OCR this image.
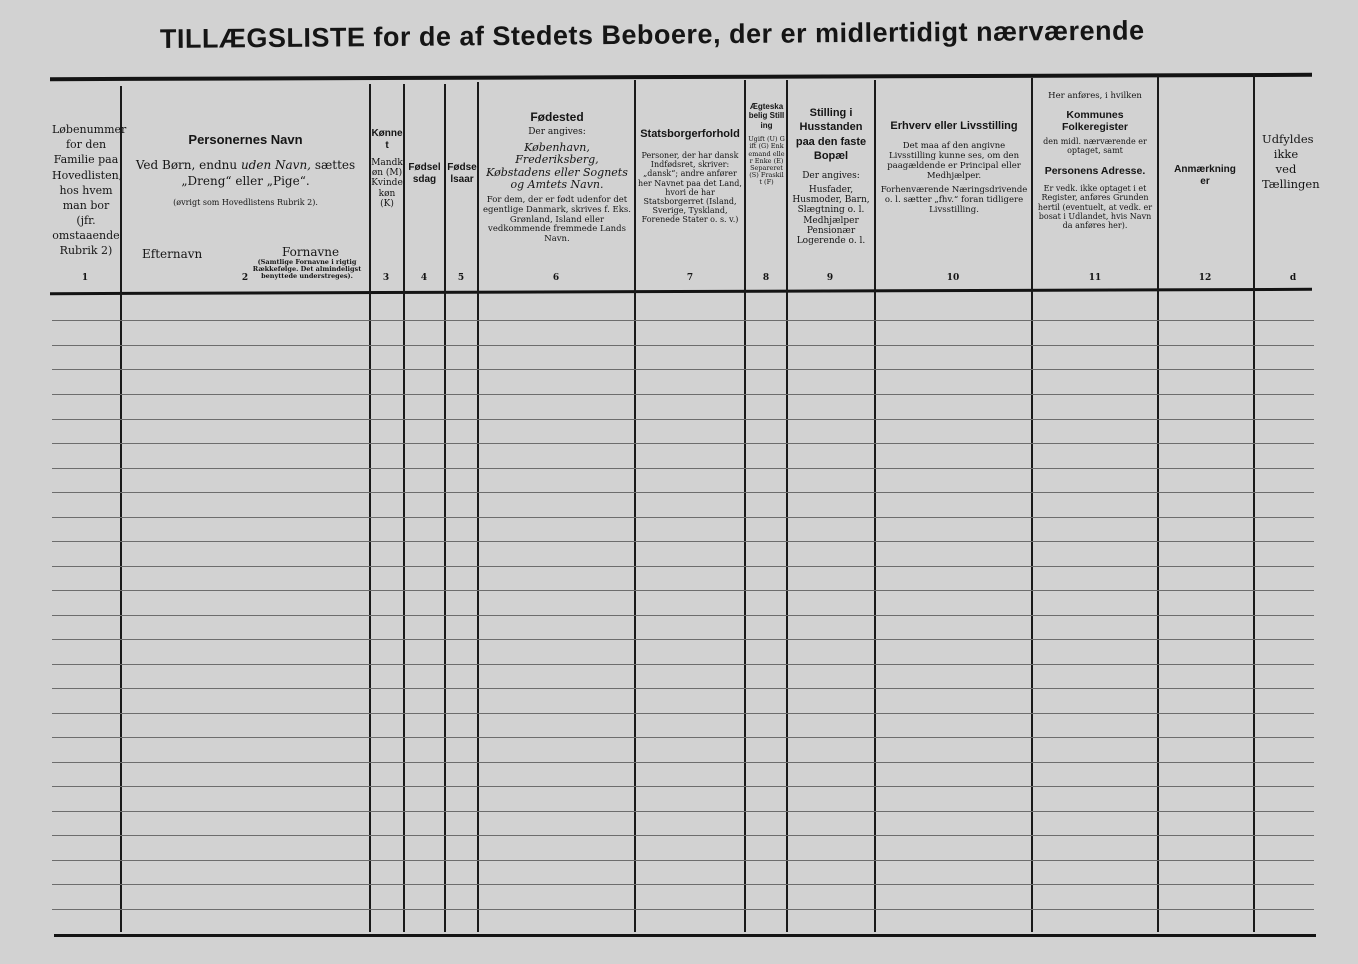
TILLÆGSLISTE for de af Stedets Beboere, der er midlertidigt nærværende
Løbenummer for den Familie paa Hovedlisten, hos hvem man bor (jfr. omstaaende Rubrik 2)
1
Personernes Navn
Ved Børn, endnu uden Navn, sættes „Dreng“ eller „Pige“.
(øvrigt som Hovedlistens Rubrik 2).
Efternavn	Fornavne
(Samtlige Fornavne i rigtig Rækkefølge. Det almindeligst benyttede understreges).
2
Kønnet
Mandkøn (M) Kvindekøn (K)
3
Fødselsdag
4
Fødselsaar
5
Fødested
Der angives:
København, Frederiksberg, Købstadens eller Sognets og Amtets Navn.
For dem, der er født udenfor det egentlige Danmark, skrives f. Eks. Grønland, Island eller vedkommende fremmede Lands Navn.
6
Statsborgerforhold
Personer, der har dansk Indfødsret, skriver: „dansk“; andre anfører her Navnet paa det Land, hvori de har Statsborgerret (Island, Sverige, Tyskland, Forenede Stater o. s. v.)
7
Ægteskabelig Stilling
Ugift (U) Gift (G) Enkemand eller Enke (E) Separeret (S) Fraskilt (F)
8
Stilling i Husstanden paa den faste Bopæl
Der angives:
Husfader, Husmoder, Barn, Slægtning o. l. Medhjælper Pensionær Logerende o. l.
9
Erhverv eller Livsstilling
Det maa af den angivne Livsstilling kunne ses, om den paagældende er Principal eller Medhjælper.
Forhenværende Næringsdrivende o. l. sætter „fhv.“ foran tidligere Livsstilling.
10
Her anføres, i hvilken
Kommunes Folkeregister
den midl. nærværende er optaget, samt
Personens Adresse.
Er vedk. ikke optaget i et Register, anføres Grunden hertil (eventuelt, at vedk. er bosat i Udlandet, hvis Navn da anføres her).
11
Anmærkninger
12
Udfyldes ikke ved Tællingen
d
